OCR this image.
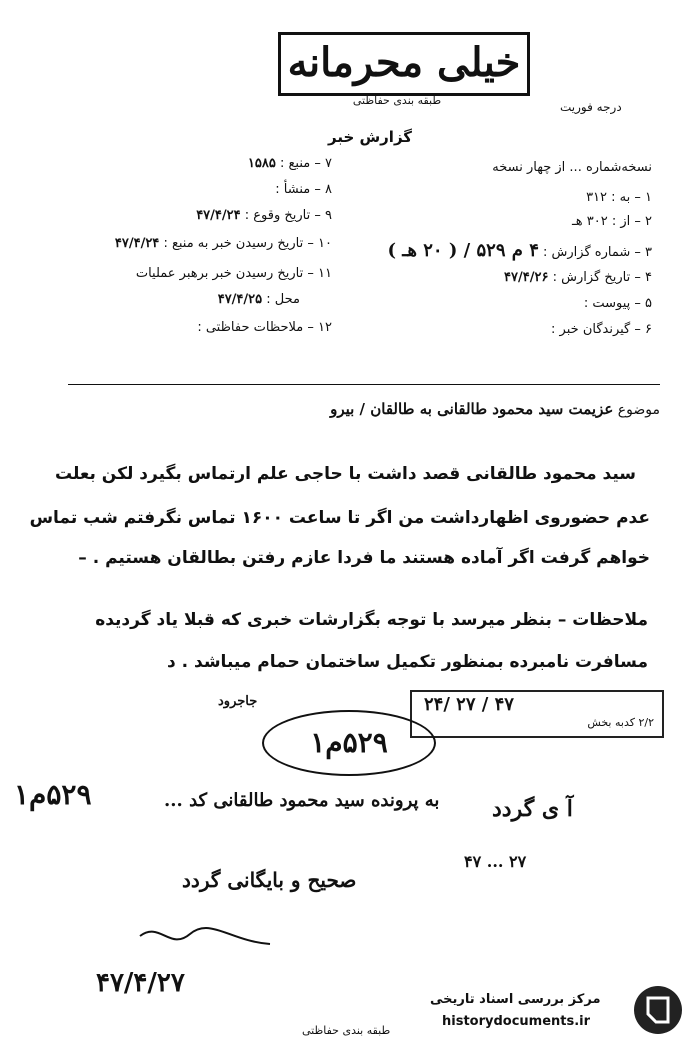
خیلی محرمانه
طبقه بندی حفاظتی	درجه فوریت
گزارش خبر
نسخه‌شماره ... از چهار نسخه
۱ – به : ۳۱۲
۲ – از : ۳۰۲ هـ
۳ – شماره گزارش : ۴ م ۵۲۹ / ( ۲۰ هـ )
۴ – تاریخ گزارش : ۴۷/۴/۲۶
۵ – پیوست :
۶ – گیرندگان خبر :
۷ – منبع : ۱۵۸۵
۸ – منشأ :
۹ – تاریخ وقوع : ۴۷/۴/۲۴
۱۰ – تاریخ رسیدن خبر به منبع : ۴۷/۴/۲۴
۱۱ – تاریخ رسیدن خبر برهبر عملیات
محل : ۴۷/۴/۲۵
۱۲ – ملاحظات حفاظتی :
موضوع عزیمت سید محمود طالقانی به طالقان / بیرو
سید محمود طالقانی قصد داشت با حاجی علم ارتماس بگیرد لکن بعلت
عدم حضوروی اظهارداشت من اگر تا ساعت ۱۶۰۰ تماس نگرفتم شب تماس
خواهم گرفت اگر آماده هستند ما فردا عازم رفتن بطالقان هستیم . –
ملاحظات – بنظر میرسد با توجه بگزارشات خبری که قبلا یاد گردیده
مسافرت نامبرده بمنظور تکمیل ساختمان حمام میباشد . د
جاجرود	۲۴/ ۲۷ / ۴۷
۲/۲ کدبه بخش
۵۲۹م۱
۵۲۹م۱	به پرونده سید محمود طالقانی کد ... آ ی گردد
۲۷ ... ۴۷
صحیح و بایگانی گردد
۴۷/۴/۲۷
طبقه بندی حفاظتی
مرکز بررسی اسناد تاریخی
historydocuments.ir
